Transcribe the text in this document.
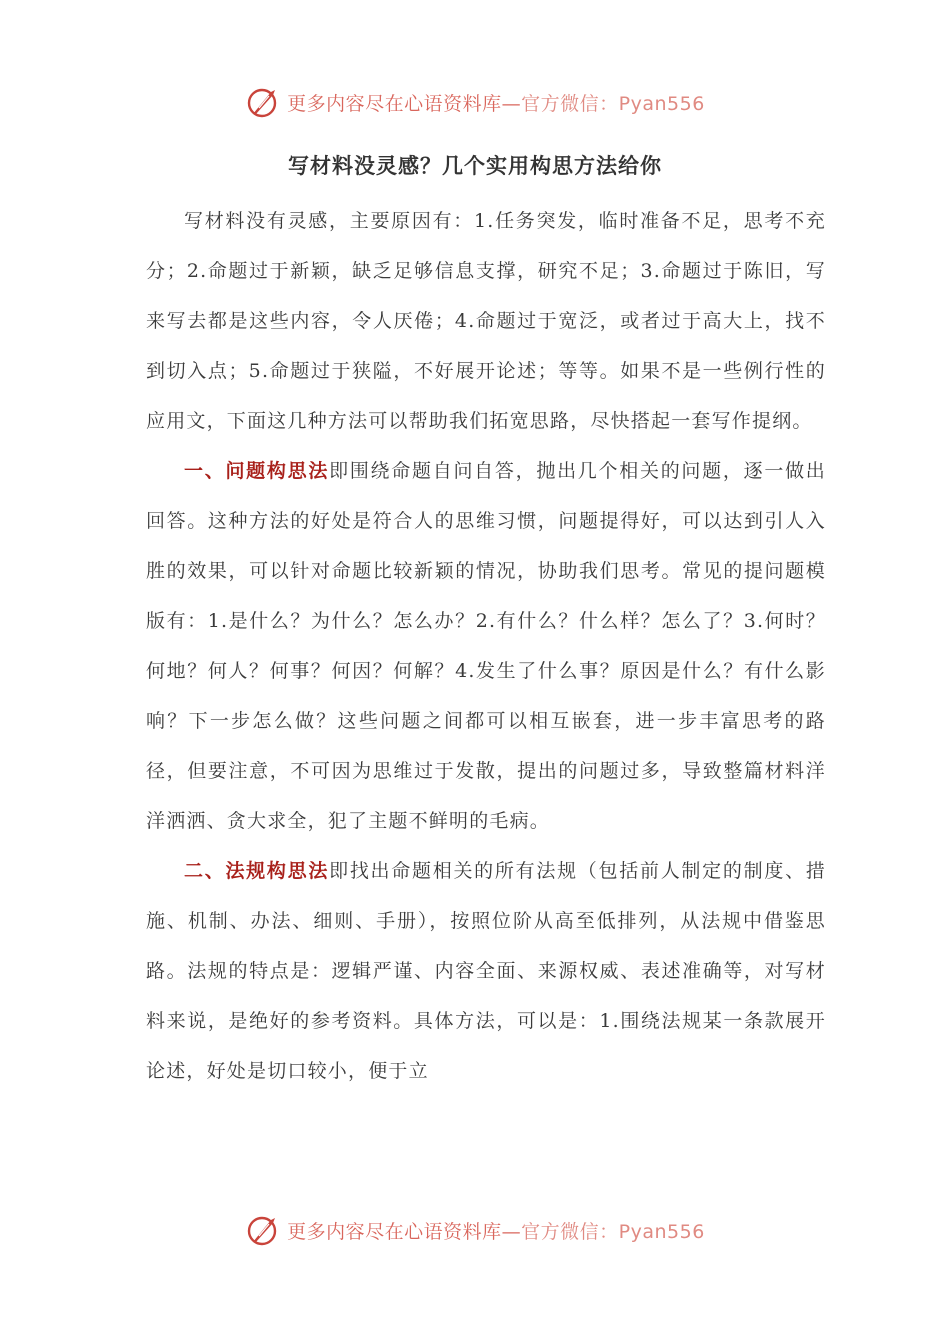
更多内容尽在心语资料库—官方微信：Pyan556
写材料没灵感？几个实用构思方法给你

写材料没有灵感，主要原因有：1.任务突发，临时准备不足，思考不充分；2.命题过于新颖，缺乏足够信息支撑，研究不足；3.命题过于陈旧，写来写去都是这些内容，令人厌倦；4.命题过于宽泛，或者过于高大上，找不到切入点；5.命题过于狭隘，不好展开论述；等等。如果不是一些例行性的应用文，下面这几种方法可以帮助我们拓宽思路，尽快搭起一套写作提纲。

一、问题构思法即围绕命题自问自答，抛出几个相关的问题，逐一做出回答。这种方法的好处是符合人的思维习惯，问题提得好，可以达到引人入胜的效果，可以针对命题比较新颖的情况，协助我们思考。常见的提问题模版有：1.是什么？为什么？怎么办？2.有什么？什么样？怎么了？3.何时？何地？何人？何事？何因？何解？4.发生了什么事？原因是什么？有什么影响？下一步怎么做？这些问题之间都可以相互嵌套，进一步丰富思考的路径，但要注意，不可因为思维过于发散，提出的问题过多，导致整篇材料洋洋洒洒、贪大求全，犯了主题不鲜明的毛病。

二、法规构思法即找出命题相关的所有法规（包括前人制定的制度、措施、机制、办法、细则、手册），按照位阶从高至低排列，从法规中借鉴思路。法规的特点是：逻辑严谨、内容全面、来源权威、表述准确等，对写材料来说，是绝好的参考资料。具体方法，可以是：1.围绕法规某一条款展开论述，好处是切口较小，便于立

更多内容尽在心语资料库—官方微信：Pyan556
